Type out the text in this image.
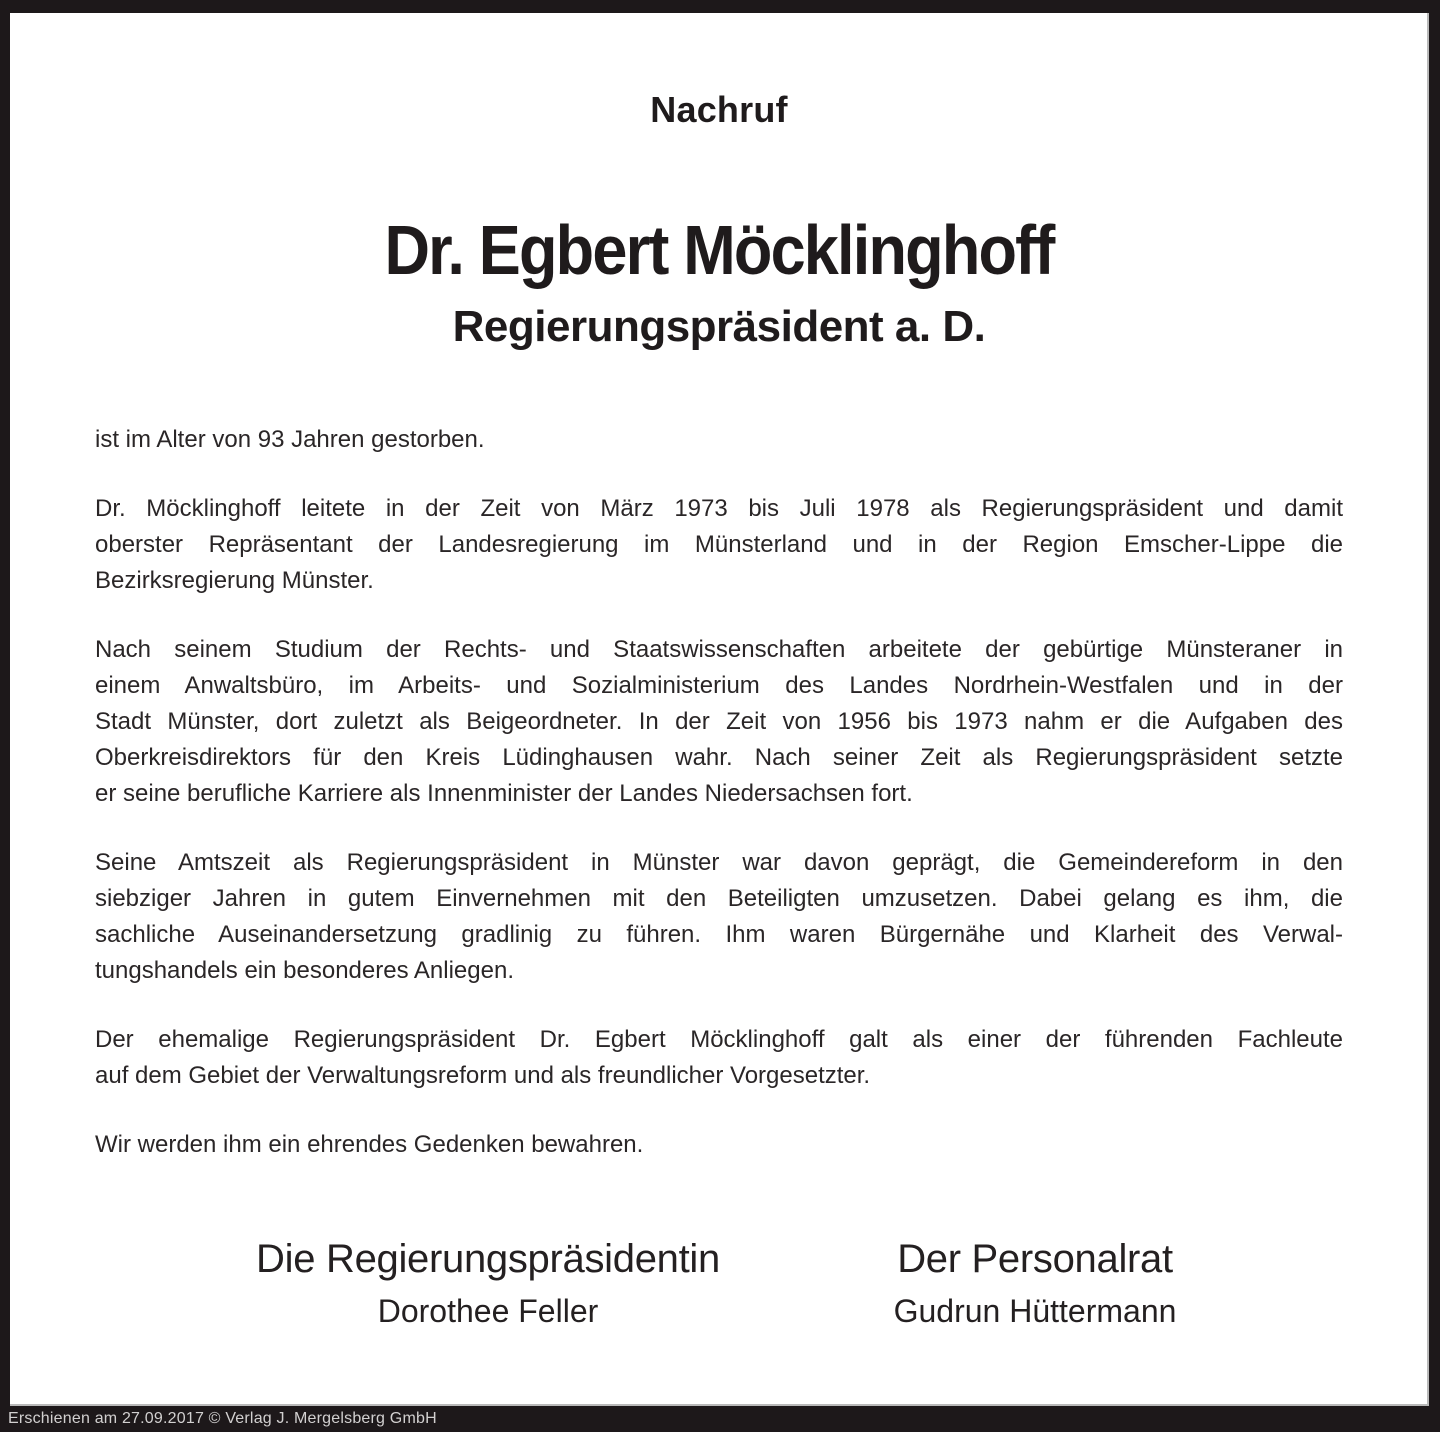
Nachruf
Dr. Egbert Möcklinghoff
Regierungspräsident a. D.
ist im Alter von 93 Jahren gestorben.
Dr. Möcklinghoff leitete in der Zeit von März 1973 bis Juli 1978 als Regierungspräsident und damit
oberster Repräsentant der Landesregierung im Münsterland und in der Region Emscher-Lippe die
Bezirksregierung Münster.
Nach seinem Studium der Rechts- und Staatswissenschaften arbeitete der gebürtige Münsteraner in
einem Anwaltsbüro, im Arbeits- und Sozialministerium des Landes Nordrhein-Westfalen und in der
Stadt Münster, dort zuletzt als Beigeordneter. In der Zeit von 1956 bis 1973 nahm er die Aufgaben des
Oberkreisdirektors für den Kreis Lüdinghausen wahr. Nach seiner Zeit als Regierungspräsident setzte
er seine berufliche Karriere als Innenminister der Landes Niedersachsen fort.
Seine Amtszeit als Regierungspräsident in Münster war davon geprägt, die Gemeindereform in den
siebziger Jahren in gutem Einvernehmen mit den Beteiligten umzusetzen. Dabei gelang es ihm, die
sachliche Auseinandersetzung gradlinig zu führen. Ihm waren Bürgernähe und Klarheit des Verwal-
tungshandels ein besonderes Anliegen.
Der ehemalige Regierungspräsident Dr. Egbert Möcklinghoff galt als einer der führenden Fachleute
auf dem Gebiet der Verwaltungsreform und als freundlicher Vorgesetzter.
Wir werden ihm ein ehrendes Gedenken bewahren.
Die Regierungspräsidentin
Dorothee Feller
Der Personalrat
Gudrun Hüttermann
Erschienen am 27.09.2017 © Verlag J. Mergelsberg GmbH
